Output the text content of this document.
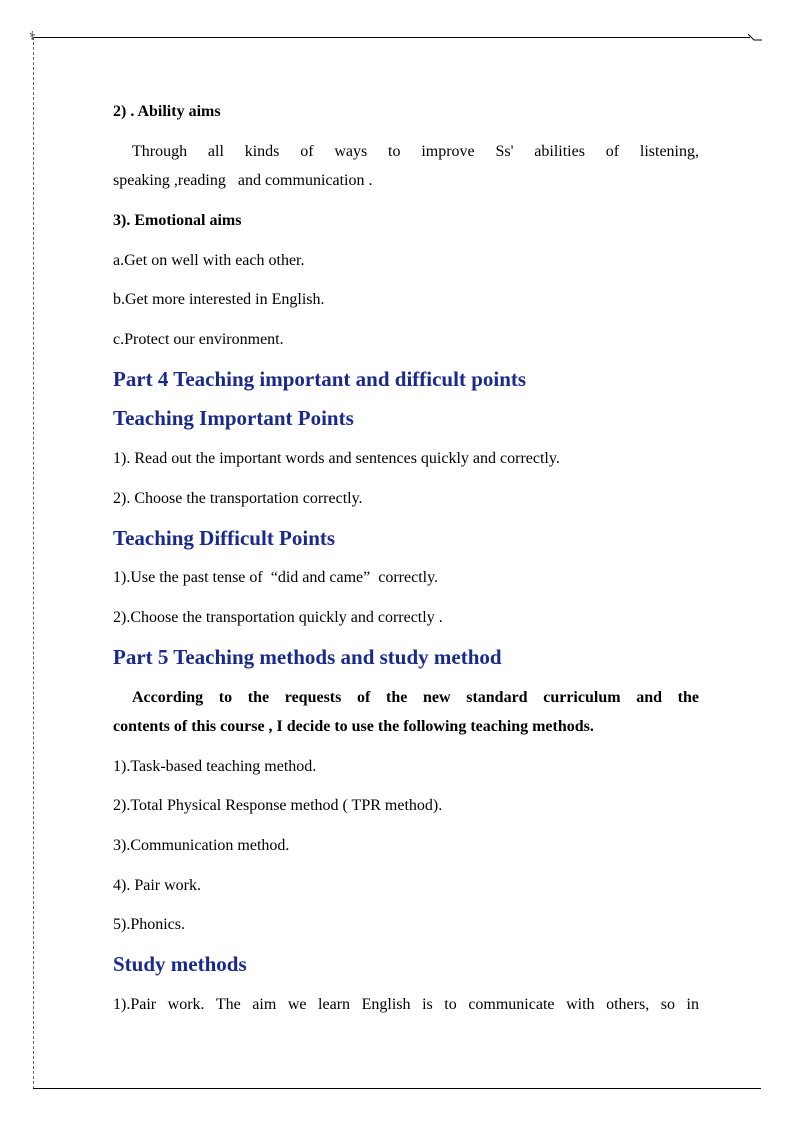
⚕
2) . Ability aims
Through all kinds of ways to improve Ss' abilities of listening,
speaking ,reading   and communication .
3). Emotional aims
a.Get on well with each other.
b.Get more interested in English.
c.Protect our environment.
Part 4 Teaching important and difficult points
Teaching Important Points
1). Read out the important words and sentences quickly and correctly.
2). Choose the transportation correctly.
Teaching Difficult Points
1).Use the past tense of  “did and came”  correctly.
2).Choose the transportation quickly and correctly .
Part 5 Teaching methods and study method
According to the requests of the new standard curriculum and the
contents of this course , I decide to use the following teaching methods.
1).Task-based teaching method.
2).Total Physical Response method ( TPR method).
3).Communication method.
4). Pair work.
5).Phonics.
Study methods
1).Pair work. The aim we learn English is to communicate with others, so in
